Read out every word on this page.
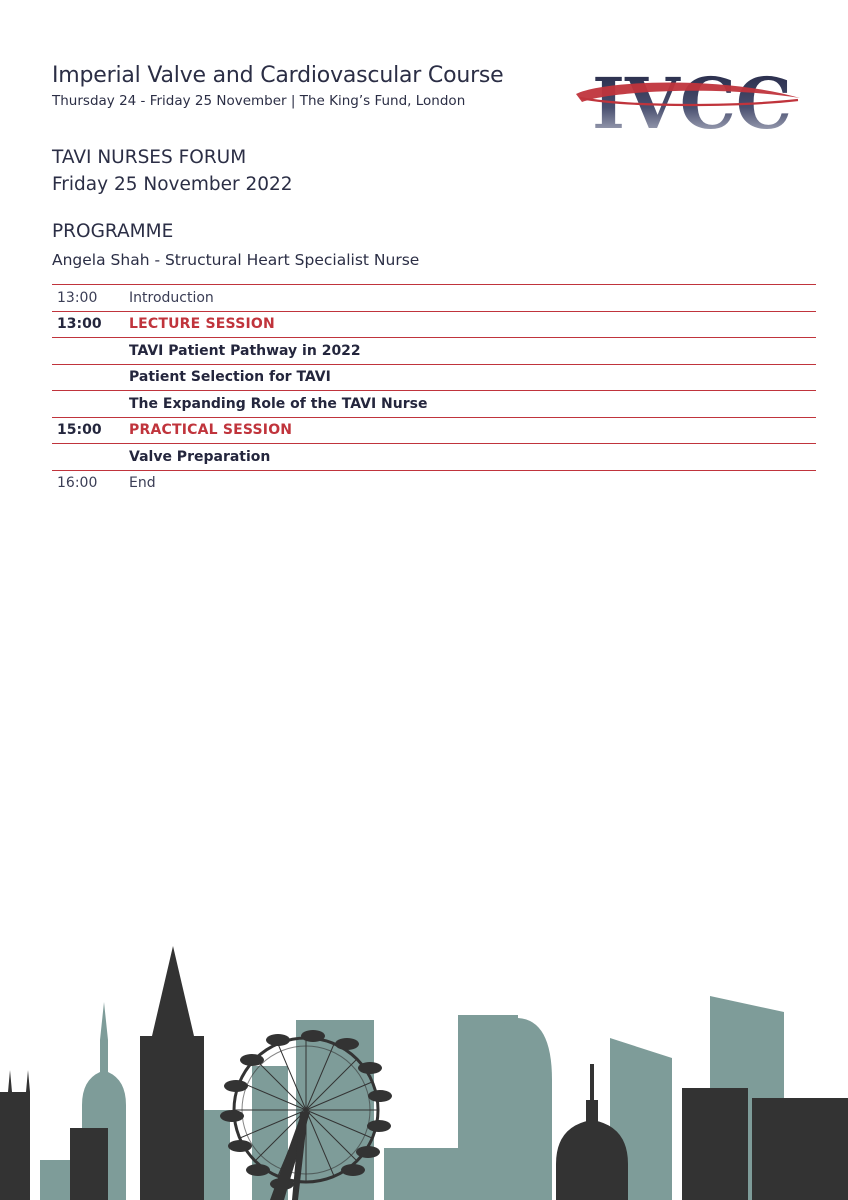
Imperial Valve and Cardiovascular Course
Thursday 24 - Friday 25 November | The King’s Fund, London IVCC
TAVI NURSES FORUM
Friday 25 November 2022
PROGRAMME
Angela Shah - Structural Heart Specialist Nurse
13:00	Introduction
13:00	LECTURE SESSION
TAVI Patient Pathway in 2022
Patient Selection for TAVI
The Expanding Role of the TAVI Nurse
15:00	PRACTICAL SESSION
Valve Preparation
16:00	End
